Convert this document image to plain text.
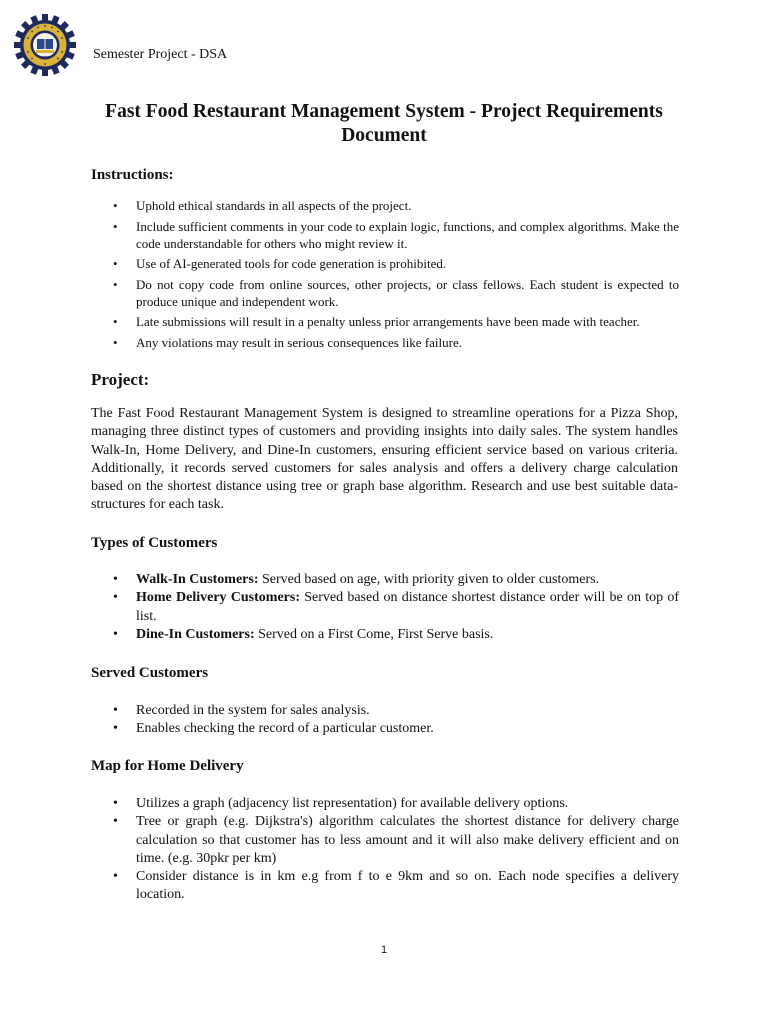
Semester Project - DSA
Fast Food Restaurant Management System - Project Requirements Document
Instructions:
• Uphold ethical standards in all aspects of the project.
• Include sufficient comments in your code to explain logic, functions, and complex algorithms. Make the code understandable for others who might review it.
• Use of AI-generated tools for code generation is prohibited.
• Do not copy code from online sources, other projects, or class fellows. Each student is expected to produce unique and independent work.
• Late submissions will result in a penalty unless prior arrangements have been made with teacher.
• Any violations may result in serious consequences like failure.
Project:

The Fast Food Restaurant Management System is designed to streamline operations for a Pizza Shop, managing three distinct types of customers and providing insights into daily sales. The system handles Walk-In, Home Delivery, and Dine-In customers, ensuring efficient service based on various criteria. Additionally, it records served customers for sales analysis and offers a delivery charge calculation based on the shortest distance using tree or graph base algorithm. Research and use best suitable data-structures for each task.

Types of Customers
• Walk-In Customers: Served based on age, with priority given to older customers.
• Home Delivery Customers: Served based on distance shortest distance order will be on top of list.
• Dine-In Customers: Served on a First Come, First Serve basis.
Served Customers
• Recorded in the system for sales analysis.
• Enables checking the record of a particular customer.
Map for Home Delivery
• Utilizes a graph (adjacency list representation) for available delivery options.
• Tree or graph (e.g. Dijkstra's) algorithm calculates the shortest distance for delivery charge calculation so that customer has to less amount and it will also make delivery efficient and on time. (e.g. 30pkr per km)
• Consider distance is in km e.g from f to e 9km and so on. Each node specifies a delivery location.
1
